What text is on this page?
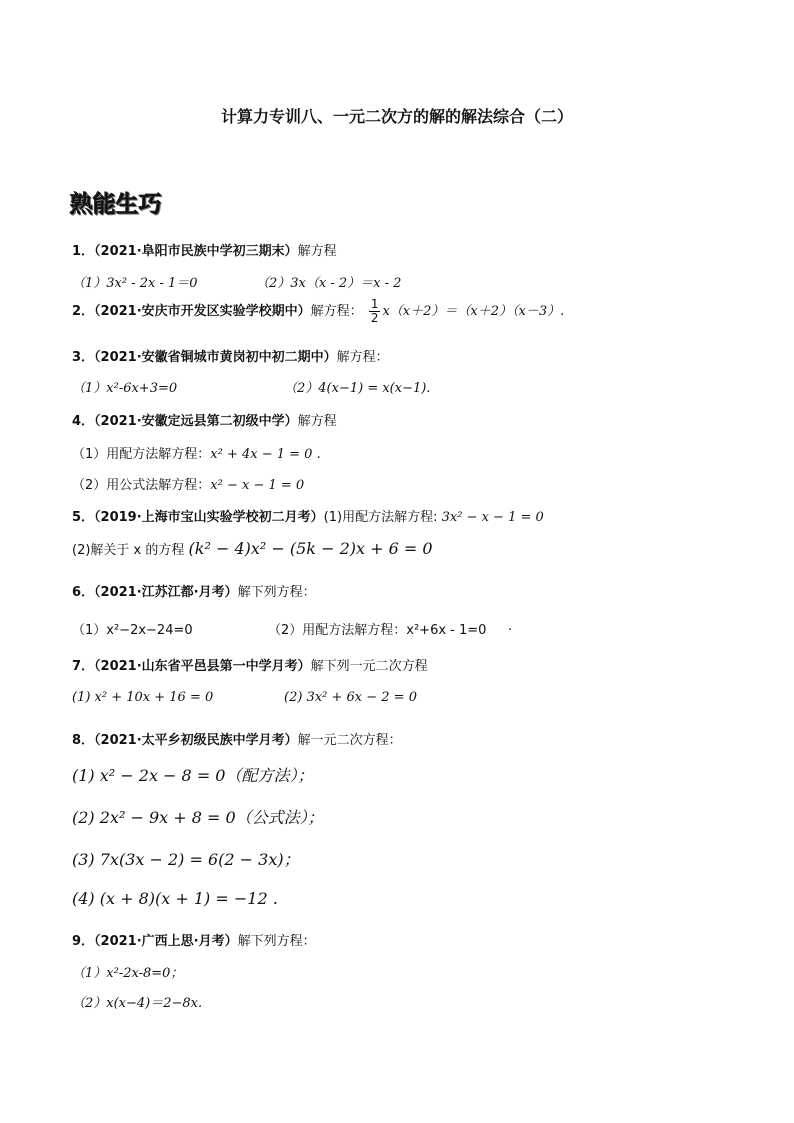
计算力专训八、一元二次方的解的解法综合（二）
熟能生巧
1．（2021·阜阳市民族中学初三期末）解方程
（1）3x² - 2x - 1＝0	（2）3x（x - 2）＝x - 2
2．（2021·安庆市开发区实验学校期中）解方程： $\frac{1}{2} x(x+2)=(x+2)(x-3)$.
3．（2021·安徽省铜城市黄岗初中初二期中）解方程：
（1）x²-6x+3=0	（2）4(x−1) = x(x−1).
4．（2021·安徽定远县第二初级中学）解方程
（1）用配方法解方程：x² + 4x − 1 = 0 .
（2）用公式法解方程：x² − x − 1 = 0
5．（2019·上海市宝山实验学校初二月考）(1)用配方法解方程: 3x² − x − 1 = 0
(2)解关于 x 的方程 (k² − 4)x² − (5k − 2)x + 6 = 0
6．（2021·江苏江都·月考）解下列方程：
（1）x²−2x−24=0	（2）用配方法解方程：x²+6x - 1=0 .
7．（2021·山东省平邑县第一中学月考）解下列一元二次方程
(1) x² + 10x + 16 = 0	(2) 3x² + 6x − 2 = 0
8．（2021·太平乡初级民族中学月考）解一元二次方程：
(1) x² − 2x − 8 = 0（配方法）；
(2) 2x² − 9x + 8 = 0（公式法）；
(3) 7x(3x − 2) = 6(2 − 3x)；
(4) (x + 8)(x + 1) = −12 .
9．（2021·广西上思·月考）解下列方程：
（1）x²-2x-8=0；
（2）x(x−4)＝2−8x.
